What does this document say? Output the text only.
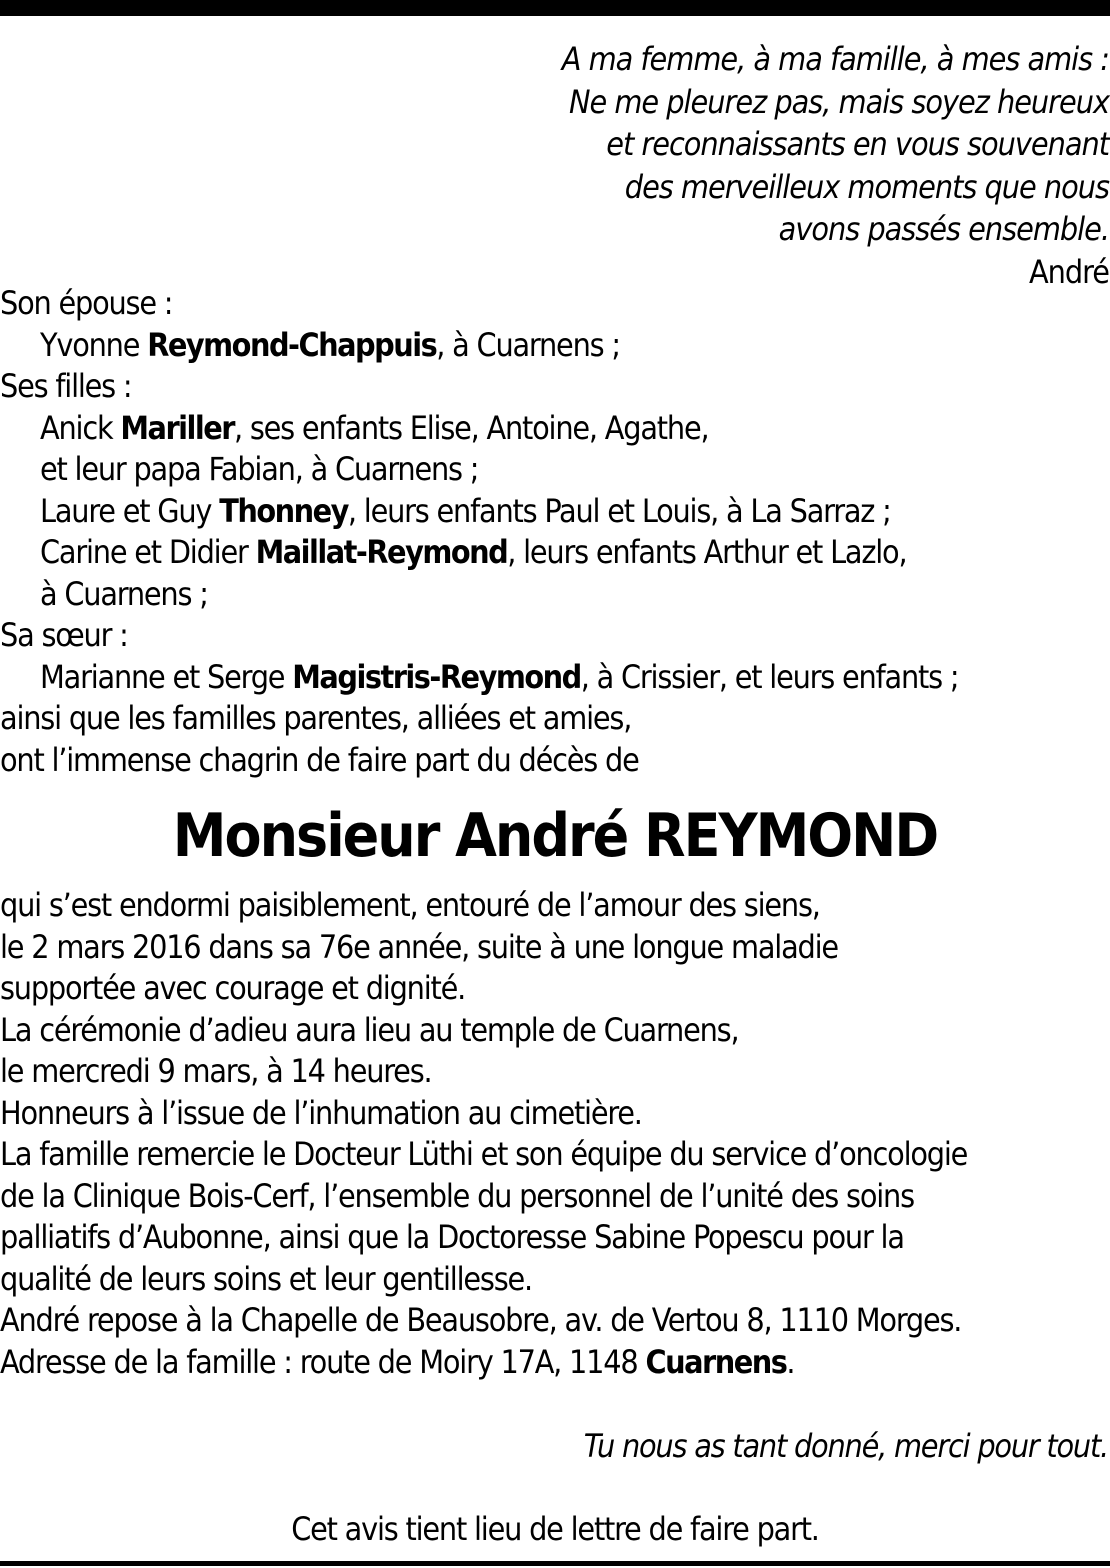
A ma femme, à ma famille, à mes amis :
Ne me pleurez pas, mais soyez heureux
et reconnaissants en vous souvenant
des merveilleux moments que nous
avons passés ensemble.
André
Son épouse :
Yvonne Reymond-Chappuis, à Cuarnens ;
Ses filles :
Anick Mariller, ses enfants Elise, Antoine, Agathe,
et leur papa Fabian, à Cuarnens ;
Laure et Guy Thonney, leurs enfants Paul et Louis, à La Sarraz ;
Carine et Didier Maillat-Reymond, leurs enfants Arthur et Lazlo,
à Cuarnens ;
Sa sœur :
Marianne et Serge Magistris-Reymond, à Crissier, et leurs enfants ;
ainsi que les familles parentes, alliées et amies,
ont l’immense chagrin de faire part du décès de
Monsieur André REYMOND
qui s’est endormi paisiblement, entouré de l’amour des siens,
le 2 mars 2016 dans sa 76e année, suite à une longue maladie
supportée avec courage et dignité.
La cérémonie d’adieu aura lieu au temple de Cuarnens,
le mercredi 9 mars, à 14 heures.
Honneurs à l’issue de l’inhumation au cimetière.
La famille remercie le Docteur Lüthi et son équipe du service d’oncologie
de la Clinique Bois-Cerf, l’ensemble du personnel de l’unité des soins
palliatifs d’Aubonne, ainsi que la Doctoresse Sabine Popescu pour la
qualité de leurs soins et leur gentillesse.
André repose à la Chapelle de Beausobre, av. de Vertou 8, 1110 Morges.
Adresse de la famille : route de Moiry 17A, 1148 Cuarnens.
Tu nous as tant donné, merci pour tout.
Cet avis tient lieu de lettre de faire part.
